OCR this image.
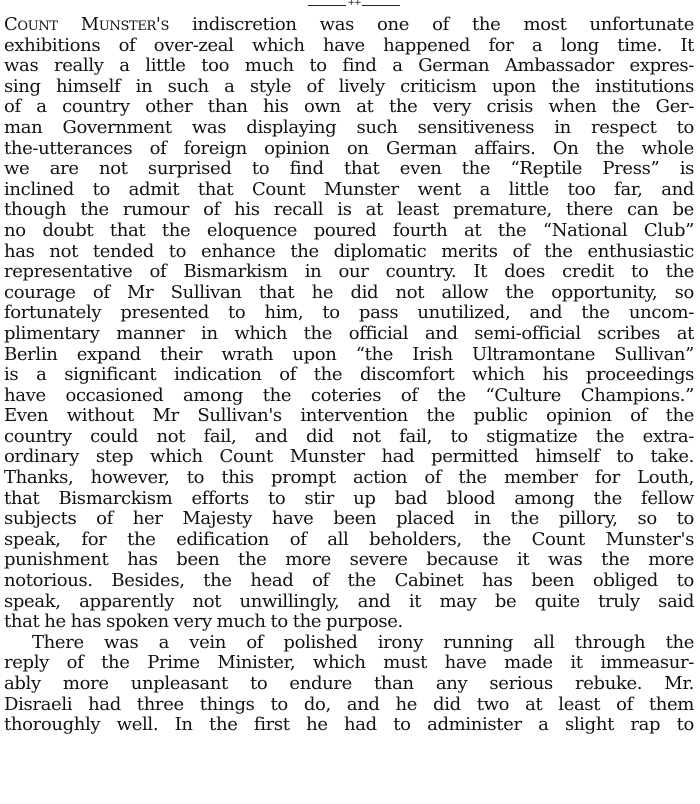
++
Count Munster's indiscretion was one of the most unfortunate
exhibitions of over-zeal which have happened for a long time. It
was really a little too much to find a German Ambassador expres-
sing himself in such a style of lively criticism upon the institutions
of a country other than his own at the very crisis when the Ger-
man Government was displaying such sensitiveness in respect to
the-utterances of foreign opinion on German affairs. On the whole
we are not surprised to find that even the “Reptile Press” is
inclined to admit that Count Munster went a little too far, and
though the rumour of his recall is at least premature, there can be
no doubt that the eloquence poured fourth at the “National Club”
has not tended to enhance the diplomatic merits of the enthusiastic
representative of Bismarkism in our country. It does credit to the
courage of Mr Sullivan that he did not allow the opportunity, so
fortunately presented to him, to pass unutilized, and the uncom-
plimentary manner in which the official and semi-official scribes at
Berlin expand their wrath upon “the Irish Ultramontane Sullivan”
is a significant indication of the discomfort which his proceedings
have occasioned among the coteries of the “Culture Champions.”
Even without Mr Sullivan's intervention the public opinion of the
country could not fail, and did not fail, to stigmatize the extra-
ordinary step which Count Munster had permitted himself to take.
Thanks, however, to this prompt action of the member for Louth,
that Bismarckism efforts to stir up bad blood among the fellow
subjects of her Majesty have been placed in the pillory, so to
speak, for the edification of all beholders, the Count Munster's
punishment has been the more severe because it was the more
notorious. Besides, the head of the Cabinet has been obliged to
speak, apparently not unwillingly, and it may be quite truly said
that he has spoken very much to the purpose.
There was a vein of polished irony running all through the
reply of the Prime Minister, which must have made it immeasur-
ably more unpleasant to endure than any serious rebuke. Mr.
Disraeli had three things to do, and he did two at least of them
thoroughly well. In the first he had to administer a slight rap to
